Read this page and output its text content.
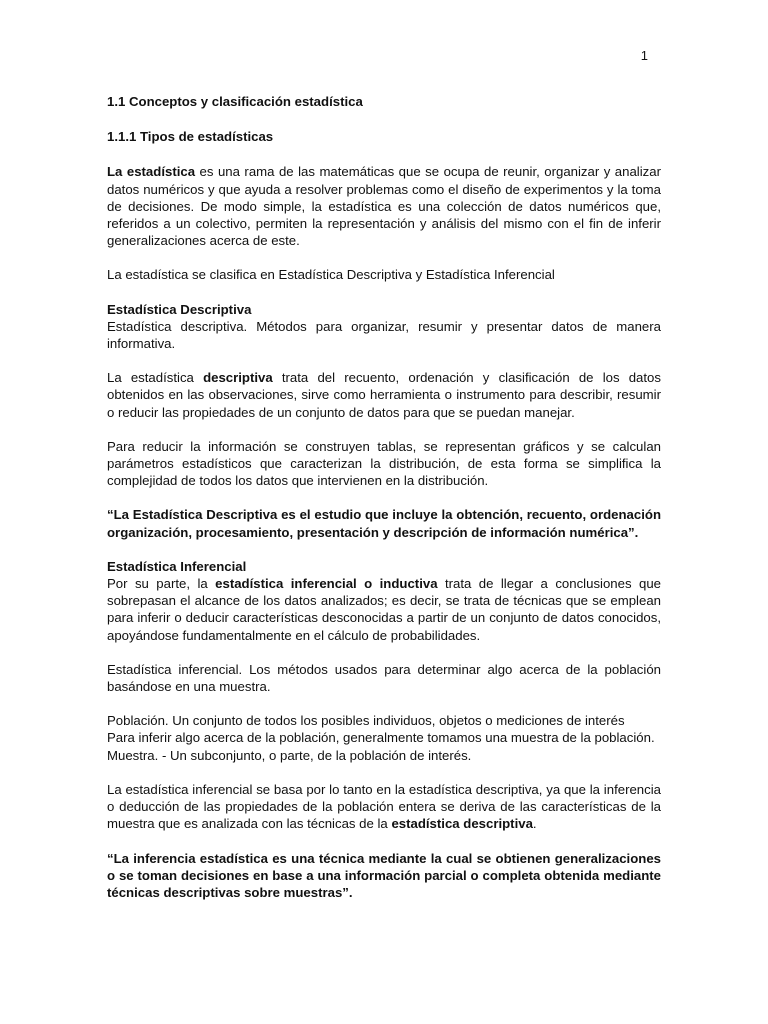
1
1.1 Conceptos y clasificación estadística
1.1.1 Tipos de estadísticas

La estadística es una rama de las matemáticas que se ocupa de reunir, organizar y analizar datos numéricos y que ayuda a resolver problemas como el diseño de experimentos y la toma de decisiones. De modo simple, la estadística es una colección de datos numéricos que, referidos a un colectivo, permiten la representación y análisis del mismo con el fin de inferir generalizaciones acerca de este.

La estadística se clasifica en Estadística Descriptiva y Estadística Inferencial

Estadística Descriptiva

Estadística descriptiva. Métodos para organizar, resumir y presentar datos de manera informativa.

La estadística descriptiva trata del recuento, ordenación y clasificación de los datos obtenidos en las observaciones, sirve como herramienta o instrumento para describir, resumir o reducir las propiedades de un conjunto de datos para que se puedan manejar.

Para reducir la información se construyen tablas, se representan gráficos y se calculan parámetros estadísticos que caracterizan la distribución, de esta forma se simplifica la complejidad de todos los datos que intervienen en la distribución.

“La Estadística Descriptiva es el estudio que incluye la obtención, recuento, ordenación organización, procesamiento, presentación y descripción de información numérica”.

Estadística Inferencial

Por su parte, la estadística inferencial o inductiva trata de llegar a conclusiones que sobrepasan el alcance de los datos analizados; es decir, se trata de técnicas que se emplean para inferir o deducir características desconocidas a partir de un conjunto de datos conocidos, apoyándose fundamentalmente en el cálculo de probabilidades.

Estadística inferencial. Los métodos usados para determinar algo acerca de la población basándose en una muestra.

Población. Un conjunto de todos los posibles individuos, objetos o mediciones de interés
Para inferir algo acerca de la población, generalmente tomamos una muestra de la población.

Muestra. - Un subconjunto, o parte, de la población de interés.

La estadística inferencial se basa por lo tanto en la estadística descriptiva, ya que la inferencia o deducción de las propiedades de la población entera se deriva de las características de la muestra que es analizada con las técnicas de la estadística descriptiva.

“La inferencia estadística es una técnica mediante la cual se obtienen generalizaciones o se toman decisiones en base a una información parcial o completa obtenida mediante técnicas descriptivas sobre muestras”.
